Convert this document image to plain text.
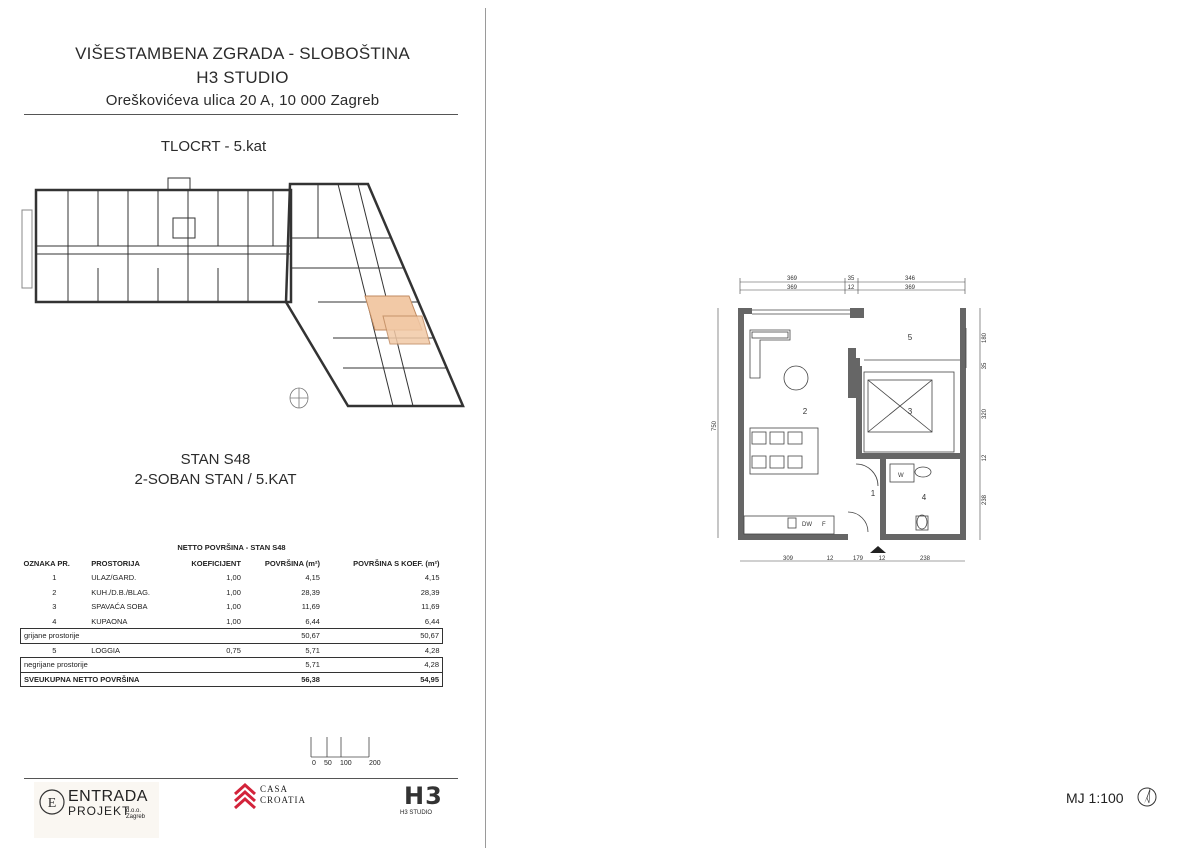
VIŠESTAMBENA ZGRADA - SLOBOŠTINA
H3 STUDIO
Oreškovićeva ulica 20 A, 10 000 Zagreb
TLOCRT - 5.kat
STAN S48
2-SOBAN STAN / 5.KAT
NETTO POVRŠINA - STAN S48
OZNAKA PR.	PROSTORIJA	KOEFICIJENT	POVRŠINA (m²)	POVRŠINA S KOEF. (m²)
1	ULAZ/GARD.	1,00	4,15	4,15
2	KUH./D.B./BLAG.	1,00	28,39	28,39
3	SPAVAĆA SOBA	1,00	11,69	11,69
4	KUPAONA	1,00	6,44	6,44
grijane prostorije			50,67	50,67
5	LOGGIA	0,75	5,71	4,28
negrijane prostorije			5,71	4,28
SVEUKUPNA NETTO POVRŠINA			56,38	54,95
0 50 100 200
E ENTRADA
PROJEKT
d.o.o. Zagreb
CASA
CROATIA	H3
H3 STUDIO
369	35	346
369	12	369
750
5
2	3
1	4
DW F
W
180
35
320
12
238
309	12	179	12	238
MJ 1:100
